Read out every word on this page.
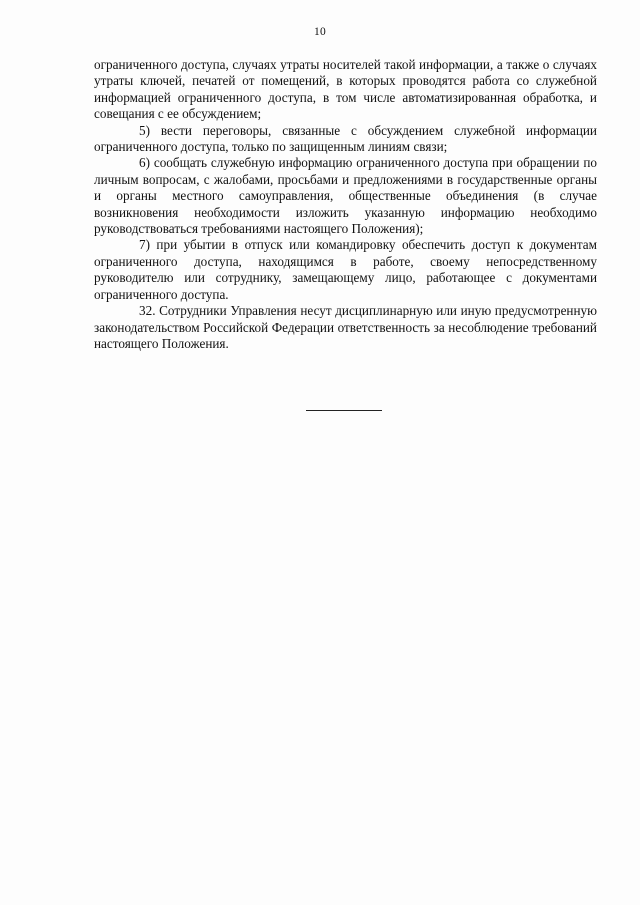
10

ограниченного доступа, случаях утраты носителей такой информации, а также о случаях утраты ключей, печатей от помещений, в которых проводятся работа со служебной информацией ограниченного доступа, в том числе автоматизированная обработка, и совещания с ее обсуждением;

5) вести переговоры, связанные с обсуждением служебной информации ограниченного доступа, только по защищенным линиям связи;

6) сообщать служебную информацию ограниченного доступа при обращении по личным вопросам, с жалобами, просьбами и предложениями в государственные органы и органы местного самоуправления, общественные объединения (в случае возникновения необходимости изложить указанную информацию необходимо руководствоваться требованиями настоящего Положения);

7) при убытии в отпуск или командировку обеспечить доступ к документам ограниченного доступа, находящимся в работе, своему непосредственному руководителю или сотруднику, замещающему лицо, работающее с документами ограниченного доступа.

32. Сотрудники Управления несут дисциплинарную или иную предусмотренную законодательством Российской Федерации ответственность за несоблюдение требований настоящего Положения.
